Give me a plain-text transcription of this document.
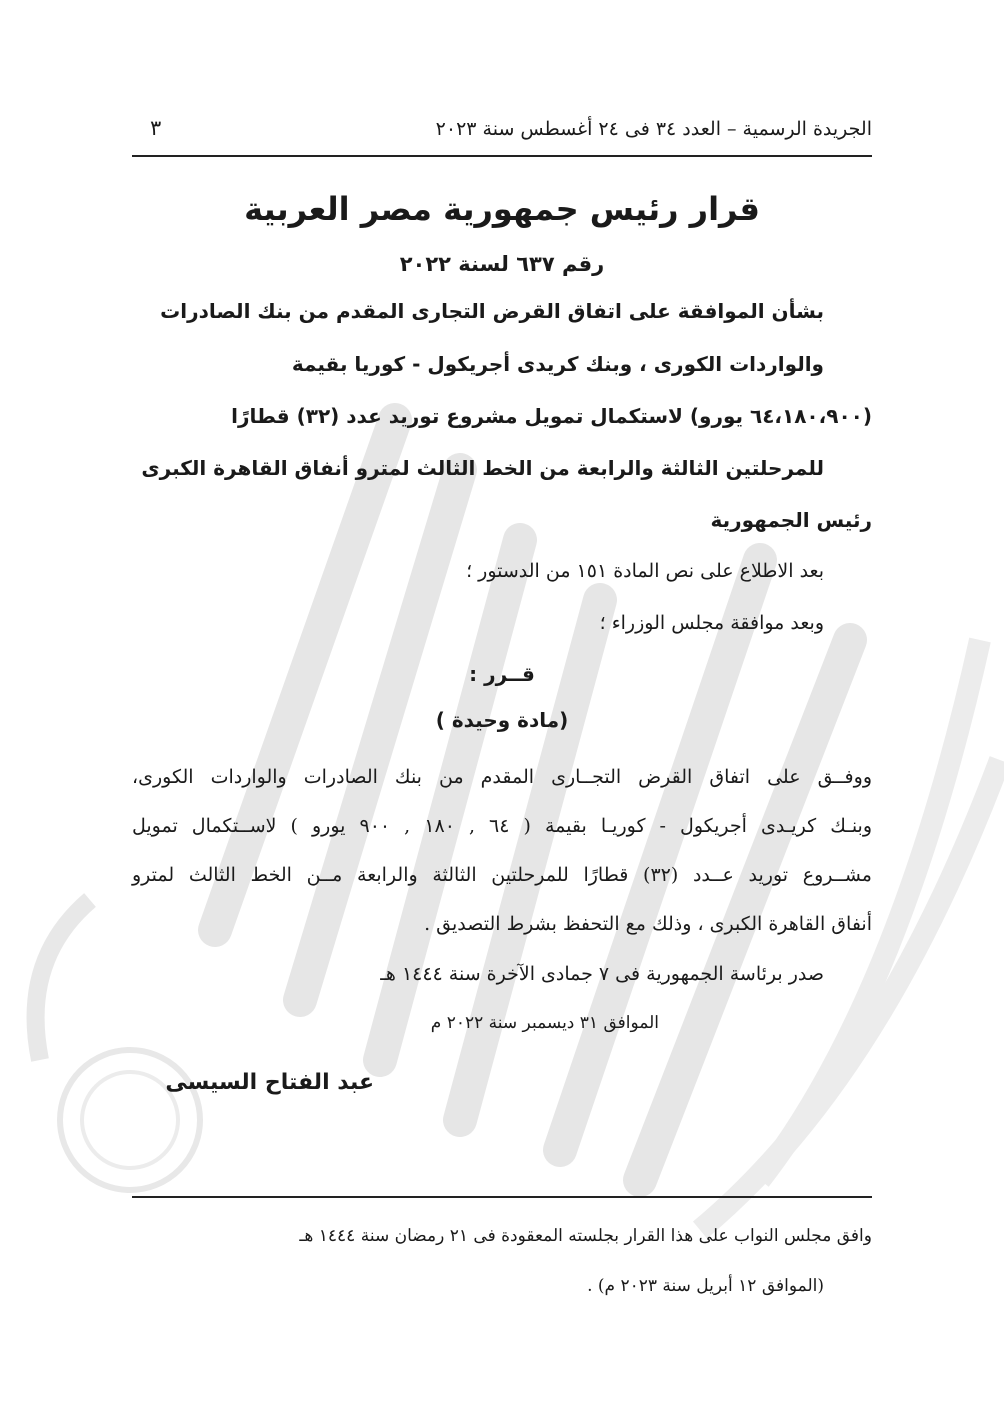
الجريدة الرسمية – العدد ٣٤ فى ٢٤ أغسطس سنة ٢٠٢٣
٣
قرار رئيس جمهورية مصر العربية
رقم ٦٣٧ لسنة ٢٠٢٢
بشأن الموافقة على اتفاق القرض التجارى المقدم من بنك الصادرات
والواردات الكورى ، وبنك كريدى أجريكول - كوريا بقيمة
(٦٤،١٨٠،٩٠٠ يورو) لاستكمال تمويل مشروع توريد عدد (٣٢) قطارًا
للمرحلتين الثالثة والرابعة من الخط الثالث لمترو أنفاق القاهرة الكبرى
رئيس الجمهورية
بعد الاطلاع على نص المادة ١٥١ من الدستور ؛
وبعد موافقة مجلس الوزراء ؛
قــرر :
(مادة وحيدة )
ووفــق على اتفاق القرض التجــارى المقدم من بنك الصادرات والواردات الكورى،
وبنـك كريـدى أجريكول - كوريـا بقيمة ( ٦٤ , ١٨٠ , ٩٠٠ يورو ) لاســتكمال تمويل
مشــروع توريد عــدد (٣٢) قطارًا للمرحلتين الثالثة والرابعة مــن الخط الثالث لمترو
أنفاق القاهرة الكبرى ، وذلك مع التحفظ بشرط التصديق .
صدر برئاسة الجمهورية فى ٧ جمادى الآخرة سنة ١٤٤٤ هـ
الموافق ٣١ ديسمبر سنة ٢٠٢٢ م
عبد الفتاح السيسى
وافق مجلس النواب على هذا القرار بجلسته المعقودة فى ٢١ رمضان سنة ١٤٤٤ هـ
(الموافق ١٢ أبريل سنة ٢٠٢٣ م) .
